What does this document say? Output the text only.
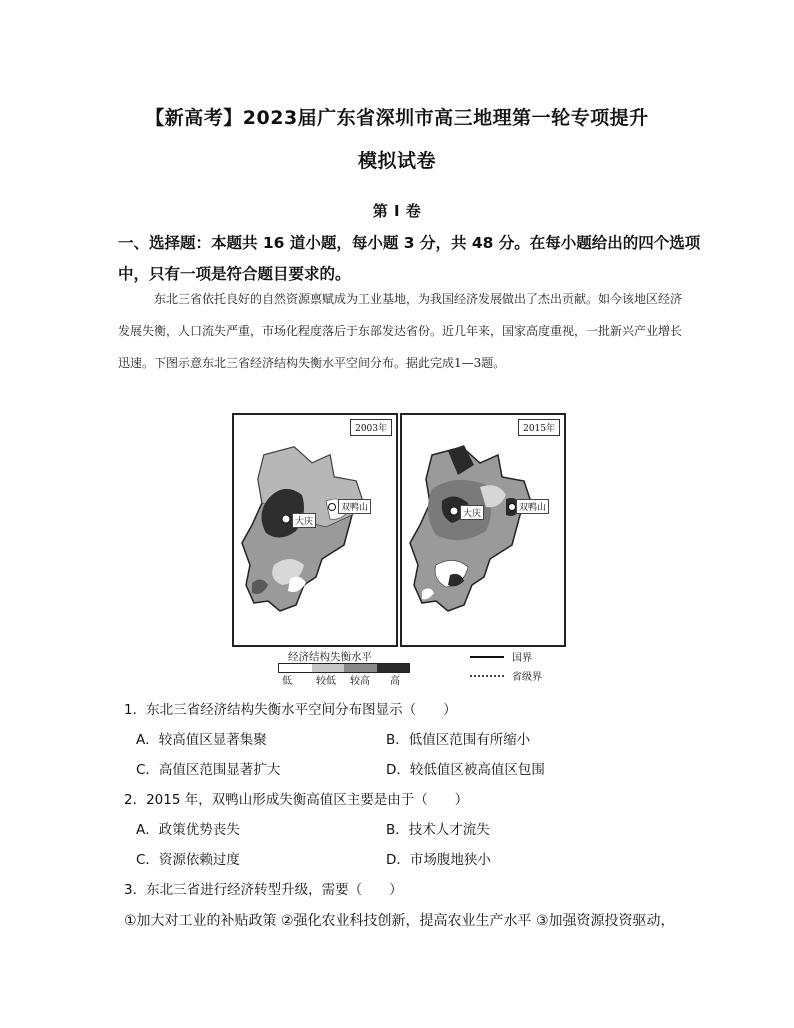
【新高考】2023届广东省深圳市高三地理第一轮专项提升
模拟试卷
第 I 卷
一、选择题：本题共 16 道小题，每小题 3 分，共 48 分。在每小题给出的四个选项中，只有一项是符合题目要求的。
东北三省依托良好的自然资源禀赋成为工业基地，为我国经济发展做出了杰出贡献。如今该地区经济发展失衡，人口流失严重，市场化程度落后于东部发达省份。近几年来，国家高度重视，一批新兴产业增长迅速。下图示意东北三省经济结构失衡水平空间分布。据此完成1—3题。
2003年
大庆
双鸭山
2015年
大庆
双鸭山
经济结构失衡水平
低 较低 较高 高
国界
省级界
1．东北三省经济结构失衡水平空间分布图显示（　　）
A．较高值区显著集聚	B．低值区范围有所缩小
C．高值区范围显著扩大	D．较低值区被高值区包围
2．2015 年，双鸭山形成失衡高值区主要是由于（　　）
A．政策优势丧失	B．技术人才流失
C．资源依赖过度	D．市场腹地狭小
3．东北三省进行经济转型升级，需要（　　）
①加大对工业的补贴政策 ②强化农业科技创新，提高农业生产水平 ③加强资源投资驱动，
